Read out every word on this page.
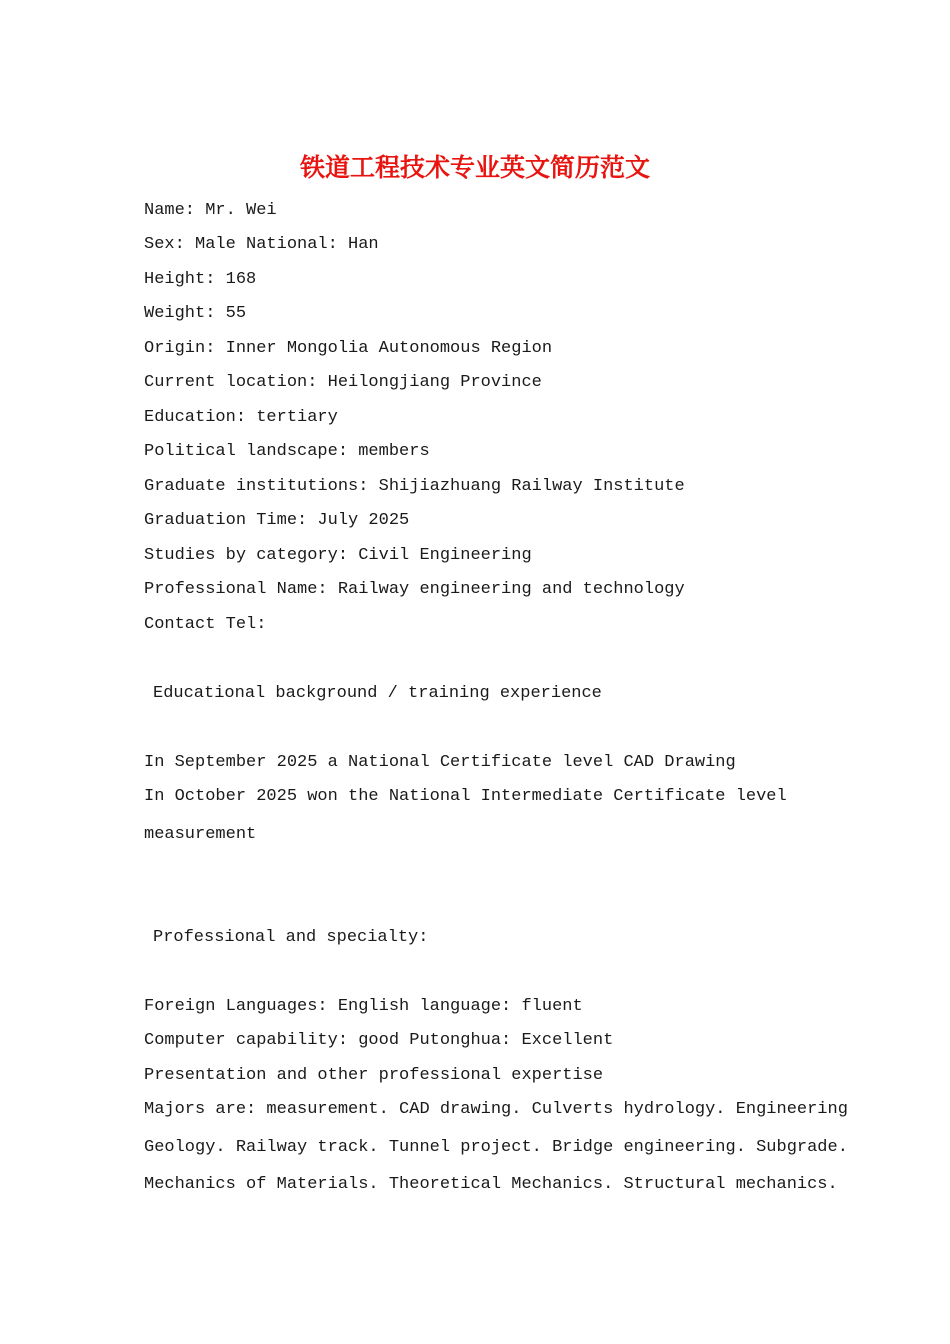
铁道工程技术专业英文简历范文
Name: Mr. Wei
Sex: Male National: Han
Height: 168
Weight: 55
Origin: Inner Mongolia Autonomous Region
Current location: Heilongjiang Province
Education: tertiary
Political landscape: members
Graduate institutions: Shijiazhuang Railway Institute
Graduation Time: July 2025
Studies by category: Civil Engineering
Professional Name: Railway engineering and technology
Contact Tel:
Educational background / training experience
In September 2025 a National Certificate level CAD Drawing
In October 2025 won the National Intermediate Certificate level
measurement
Professional and specialty:
Foreign Languages: English language: fluent
Computer capability: good Putonghua: Excellent
Presentation and other professional expertise
Majors are: measurement. CAD drawing. Culverts hydrology. Engineering
Geology. Railway track. Tunnel project. Bridge engineering. Subgrade.
Mechanics of Materials. Theoretical Mechanics. Structural mechanics.
